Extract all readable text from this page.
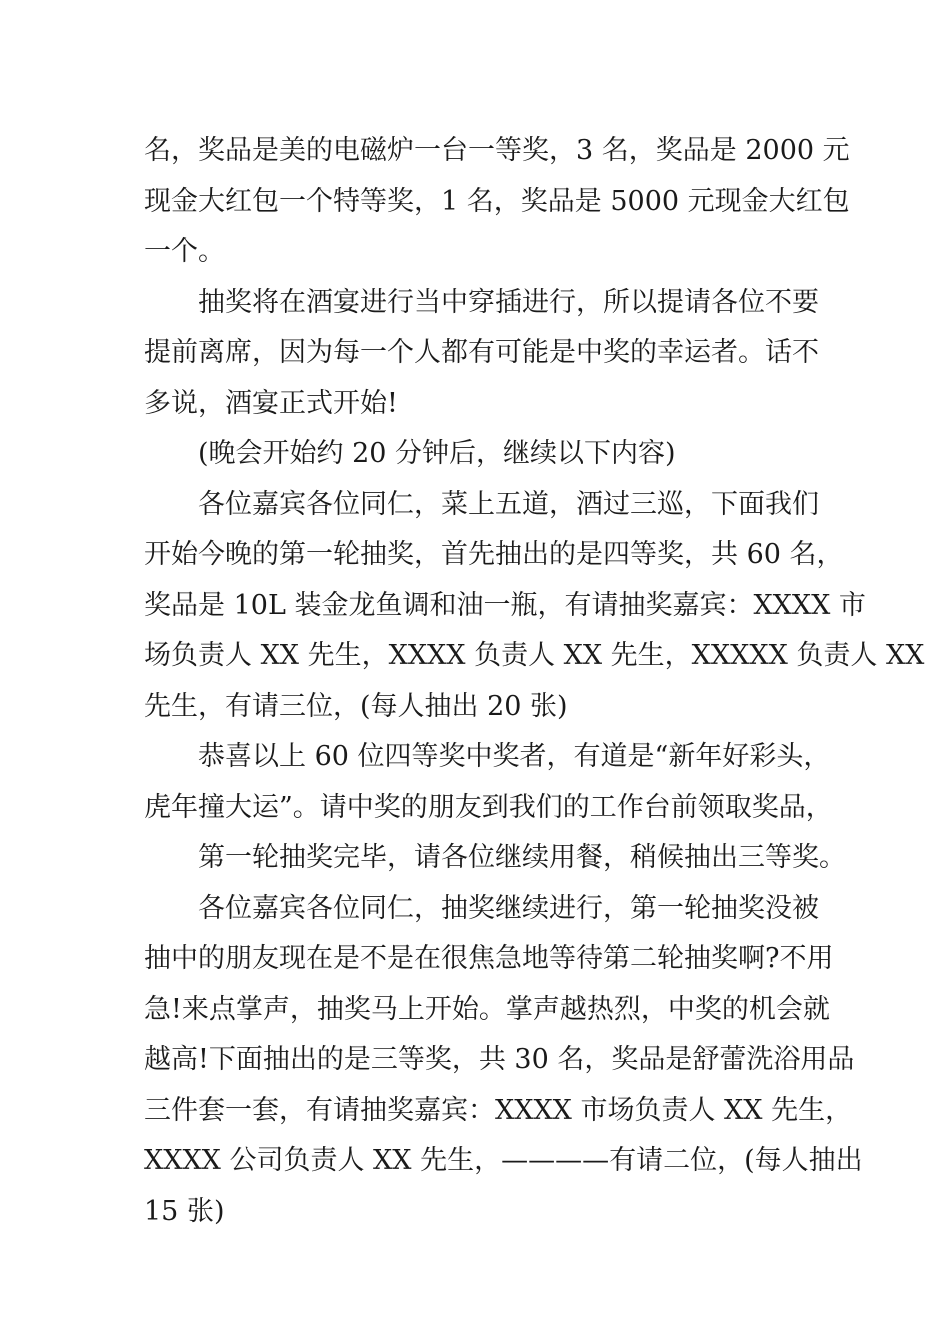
名，奖品是美的电磁炉一台一等奖，3 名，奖品是 2000 元
现金大红包一个特等奖，1 名，奖品是 5000 元现金大红包
一个。
抽奖将在酒宴进行当中穿插进行，所以提请各位不要
提前离席，因为每一个人都有可能是中奖的幸运者。话不
多说，酒宴正式开始!
(晚会开始约 20 分钟后，继续以下内容)
各位嘉宾各位同仁，菜上五道，酒过三巡，下面我们
开始今晚的第一轮抽奖，首先抽出的是四等奖，共 60 名，
奖品是 10L 装金龙鱼调和油一瓶，有请抽奖嘉宾：XXXX 市
场负责人 XX 先生，XXXX 负责人 XX 先生，XXXXX 负责人 XX
先生，有请三位，(每人抽出 20 张)
恭喜以上 60 位四等奖中奖者，有道是“新年好彩头，
虎年撞大运”。请中奖的朋友到我们的工作台前领取奖品，
第一轮抽奖完毕，请各位继续用餐，稍候抽出三等奖。
各位嘉宾各位同仁，抽奖继续进行，第一轮抽奖没被
抽中的朋友现在是不是在很焦急地等待第二轮抽奖啊?不用
急!来点掌声，抽奖马上开始。掌声越热烈，中奖的机会就
越高!下面抽出的是三等奖，共 30 名，奖品是舒蕾洗浴用品
三件套一套，有请抽奖嘉宾：XXXX 市场负责人 XX 先生，
XXXX 公司负责人 XX 先生，————有请二位，(每人抽出
15 张)
